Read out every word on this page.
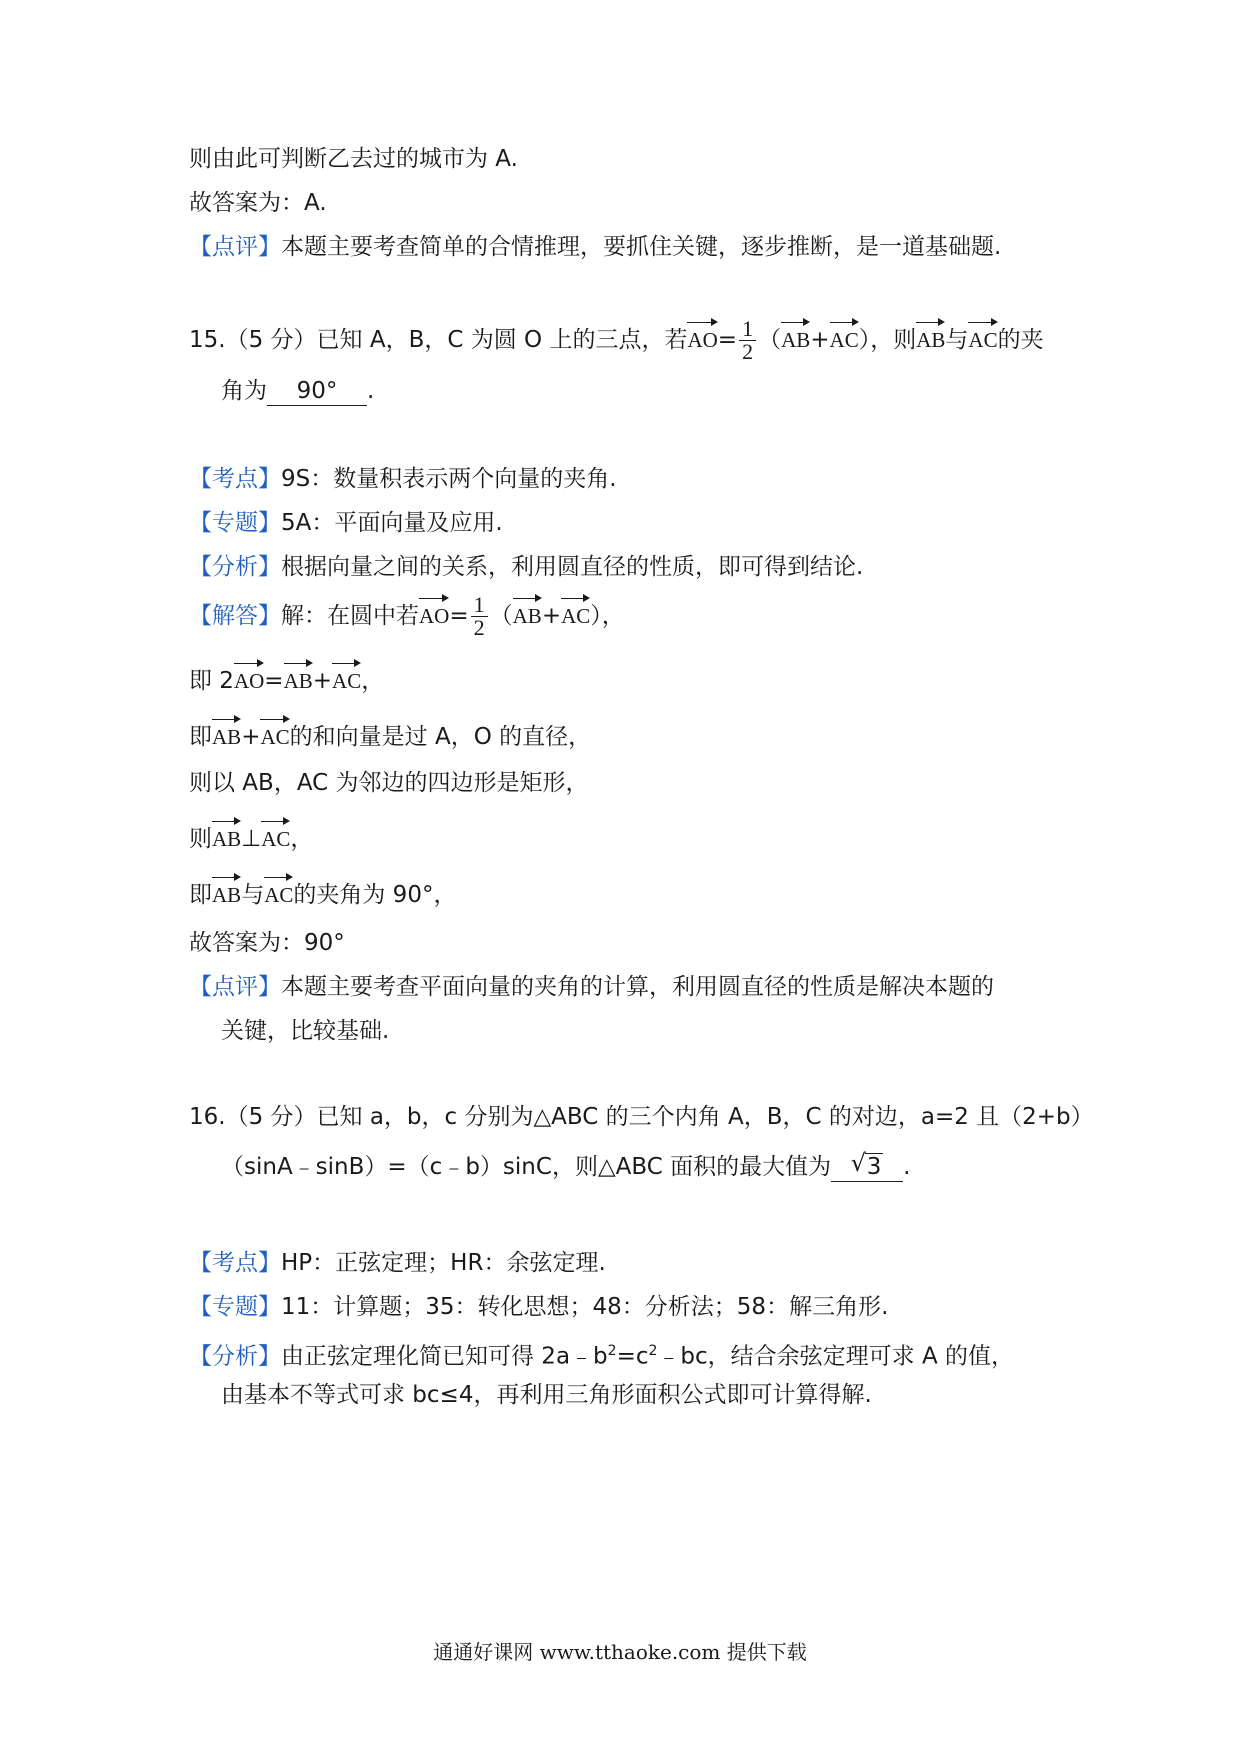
则由此可判断乙去过的城市为 A.
故答案为：A.
【点评】本题主要考查简单的合情推理，要抓住关键，逐步推断，是一道基础题.
15.（5 分）已知 A，B，C 为圆 O 上的三点，若$AO= \frac{1}{2} (AB+AC)$，则AB与AC的夹
角为 90° .
【考点】9S：数量积表示两个向量的夹角.
【专题】5A：平面向量及应用.
【分析】根据向量之间的关系，利用圆直径的性质，即可得到结论.
【解答】解：在圆中若$AO= \frac{1}{2} (AB+AC)$，
即 2AO=AB+AC，
即AB+AC的和向量是过 A，O 的直径，
则以 AB，AC 为邻边的四边形是矩形，
则AB⊥AC，
即AB与AC的夹角为 90°，
故答案为：90°
【点评】本题主要考查平面向量的夹角的计算，利用圆直径的性质是解决本题的
关键，比较基础.
16.（5 分）已知 a，b，c 分别为△ABC 的三个内角 A，B，C 的对边，a=2 且（2+b）
（sinA﹣sinB）=（c﹣b）sinC，则△ABC 面积的最大值为 √ 3 .
【考点】HP：正弦定理；HR：余弦定理.
【专题】11：计算题；35：转化思想；48：分析法；58：解三角形.
【分析】由正弦定理化简已知可得 $2a﹣b^2=c^2﹣bc$，结合余弦定理可求 A 的值，
由基本不等式可求 bc≤4，再利用三角形面积公式即可计算得解.
通通好课网 www.tthaoke.com 提供下载
